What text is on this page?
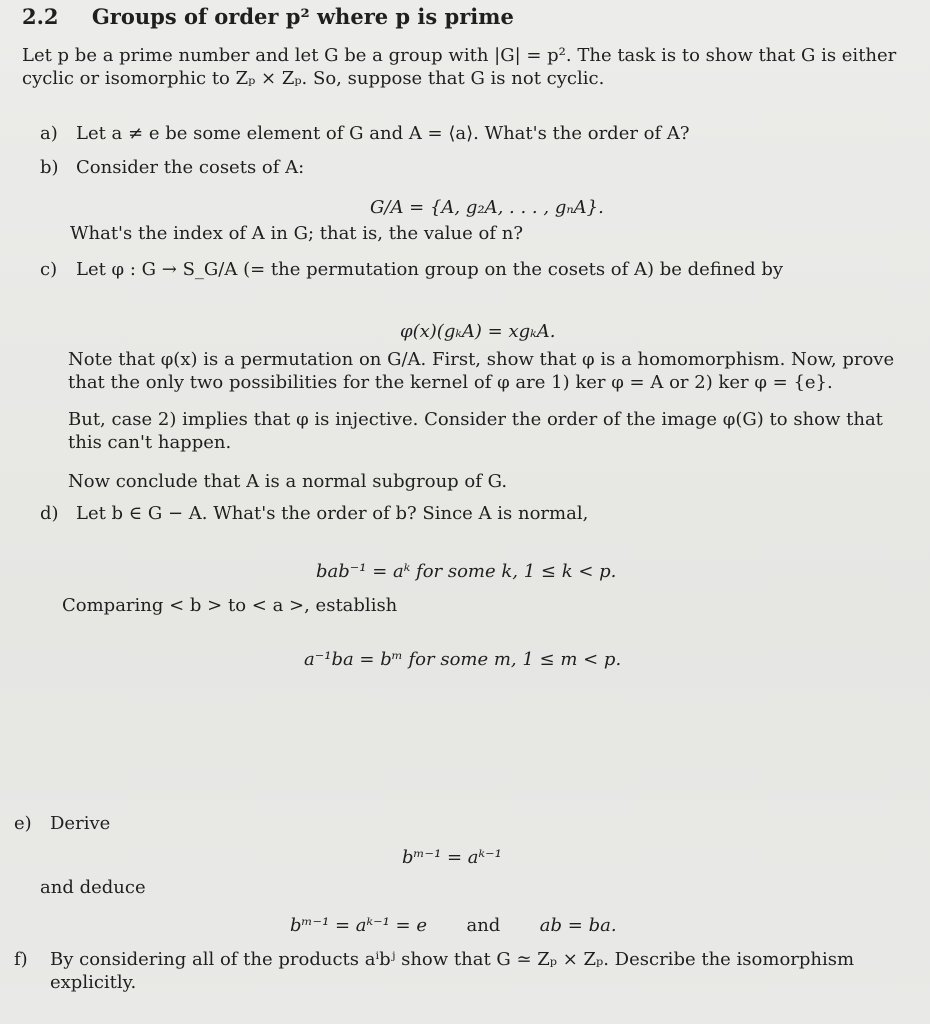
2.2 Groups of order p² where p is prime

Let p be a prime number and let G be a group with |G| = p². The task is to show that G is either cyclic or isomorphic to Zₚ × Zₚ. So, suppose that G is not cyclic.

a)	Let a ≠ e be some element of G and A = ⟨a⟩. What's the order of A?
b) Consider the cosets of A:
G/A = {A, g₂A, . . . , gₙA}.

What's the index of A in G; that is, the value of n?

c)	Let φ : G → S_G/A (= the permutation group on the cosets of A) be defined by
φ(x)(gₖA) = xgₖA.

Note that φ(x) is a permutation on G/A. First, show that φ is a homomorphism. Now, prove that the only two possibilities for the kernel of φ are 1) ker φ = A or 2) ker φ = {e}.

But, case 2) implies that φ is injective. Consider the order of the image φ(G) to show that this can't happen.

Now conclude that A is a normal subgroup of G.

d) Let b ∈ G − A. What's the order of b? Since A is normal,
bab⁻¹ = aᵏ for some k, 1 ≤ k < p.

Comparing < b > to < a >, establish

a⁻¹ba = bᵐ for some m, 1 ≤ m < p.
e)	Derive
bᵐ⁻¹ = aᵏ⁻¹

and deduce

bᵐ⁻¹ = aᵏ⁻¹ = e and ab = ba.
f)	By considering all of the products aⁱbʲ show that G ≃ Zₚ × Zₚ. Describe the isomorphism explicitly.
